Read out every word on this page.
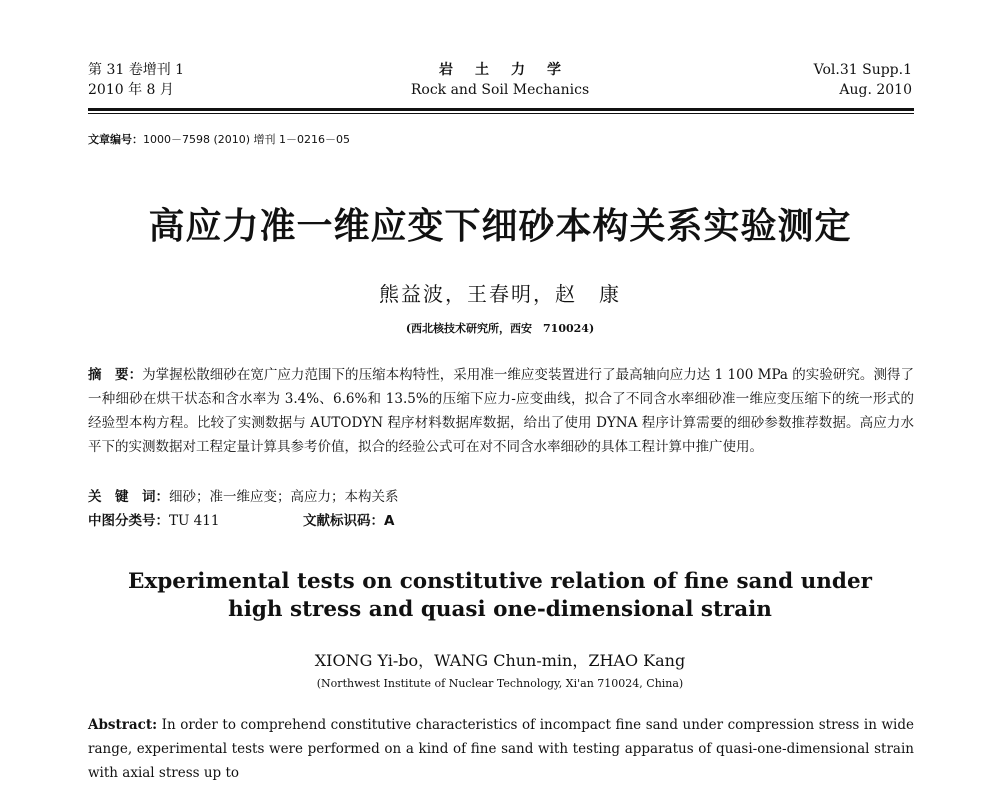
第 31 卷增刊 1
2010 年 8 月
岩土力学
Rock and Soil Mechanics
Vol.31 Supp.1
Aug. 2010
文章编号：1000－7598 (2010) 增刊 1－0216－05
高应力准一维应变下细砂本构关系实验测定
熊益波，王春明，赵　康
(西北核技术研究所，西安　710024)
摘　要：为掌握松散细砂在宽广应力范围下的压缩本构特性，采用准一维应变装置进行了最高轴向应力达 1 100 MPa 的实验研究。测得了一种细砂在烘干状态和含水率为 3.4%、6.6%和 13.5%的压缩下应力-应变曲线，拟合了不同含水率细砂准一维应变压缩下的统一形式的经验型本构方程。比较了实测数据与 AUTODYN 程序材料数据库数据，给出了使用 DYNA 程序计算需要的细砂参数推荐数据。高应力水平下的实测数据对工程定量计算具参考价值，拟合的经验公式可在对不同含水率细砂的具体工程计算中推广使用。
关　键　词：细砂；准一维应变；高应力；本构关系
中图分类号：TU 411	文献标识码：A
Experimental tests on constitutive relation of fine sand under
high stress and quasi one-dimensional strain
XIONG Yi-bo，WANG Chun-min，ZHAO Kang
(Northwest Institute of Nuclear Technology, Xi'an 710024, China)
Abstract: In order to comprehend constitutive characteristics of incompact fine sand under compression stress in wide range, experimental tests were performed on a kind of fine sand with testing apparatus of quasi-one-dimensional strain with axial stress up to
